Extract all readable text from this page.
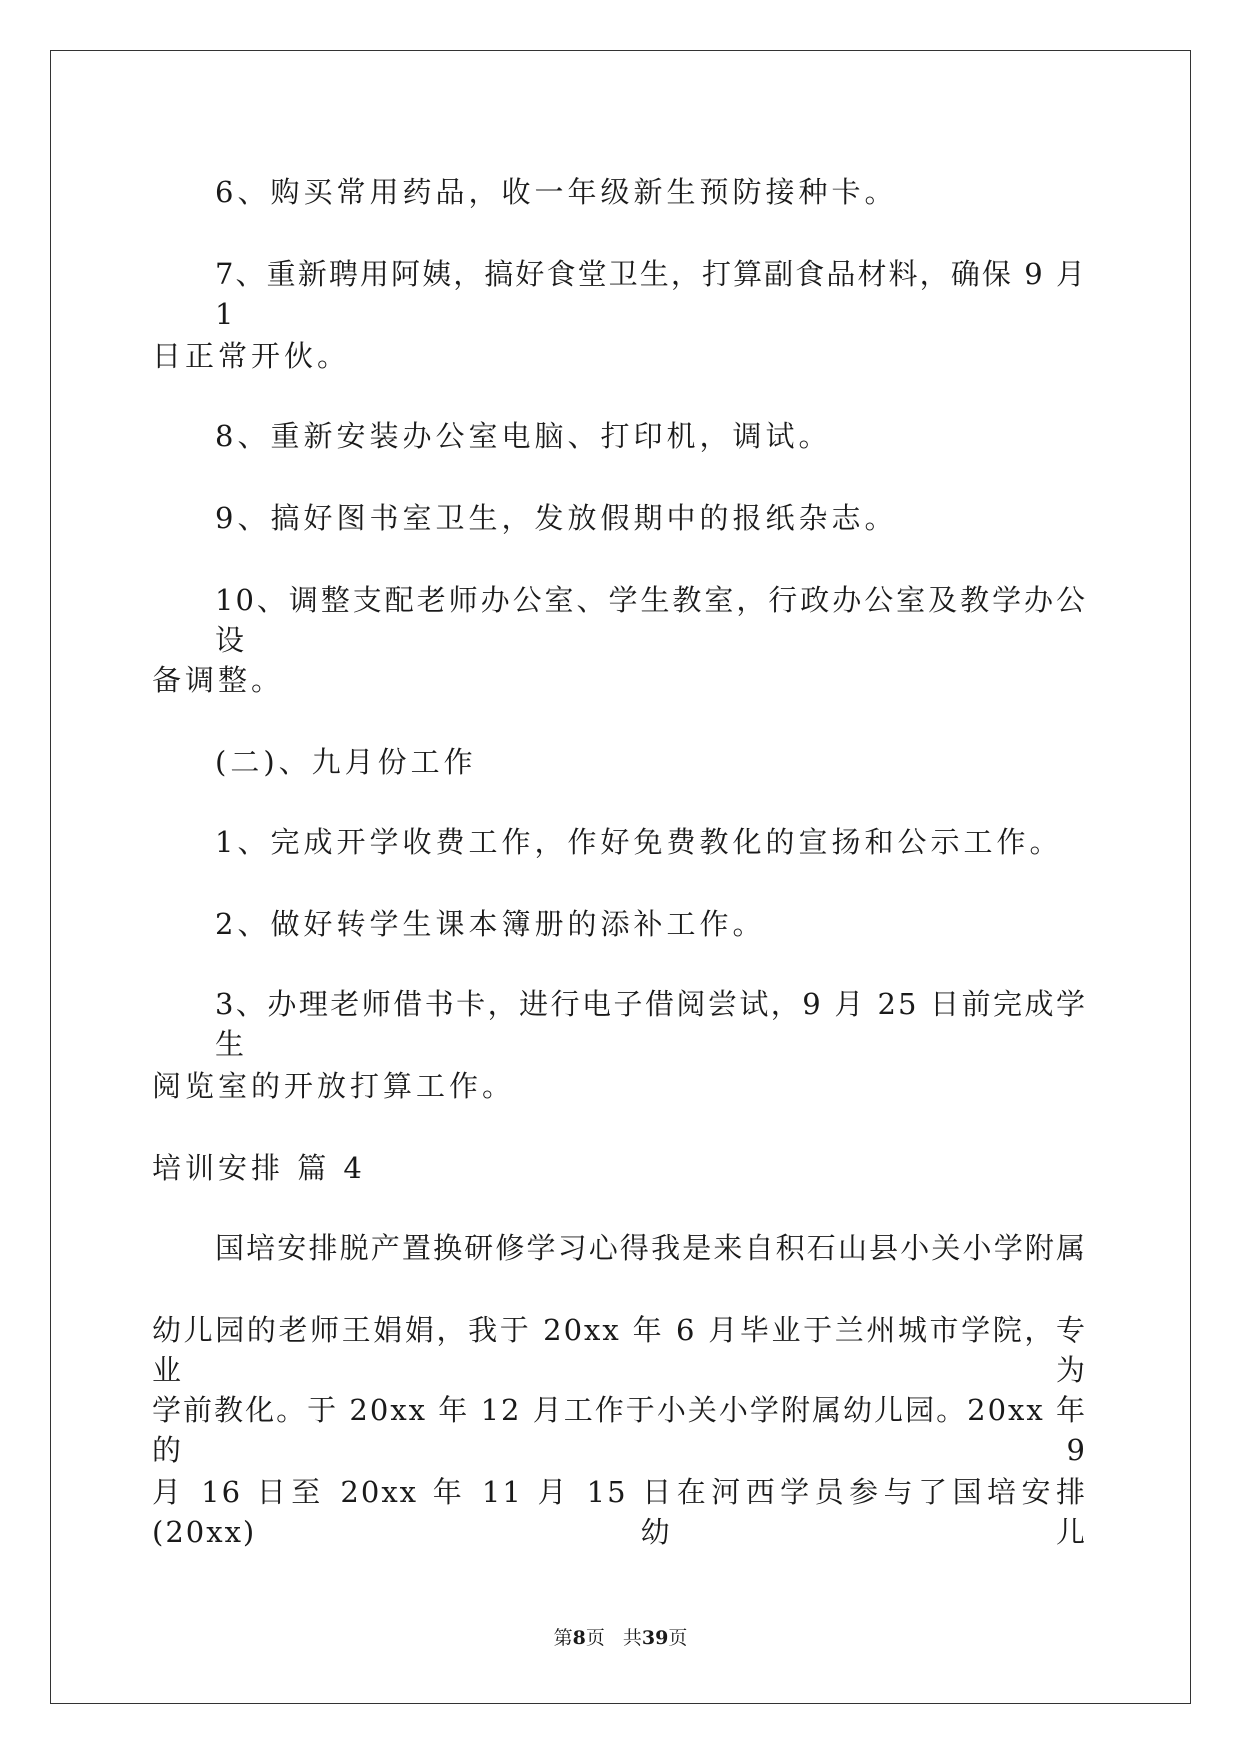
6、购买常用药品，收一年级新生预防接种卡。
7、重新聘用阿姨，搞好食堂卫生，打算副食品材料，确保 9 月 1
日正常开伙。
8、重新安装办公室电脑、打印机，调试。
9、搞好图书室卫生，发放假期中的报纸杂志。
10、调整支配老师办公室、学生教室，行政办公室及教学办公设
备调整。
(二)、九月份工作
1、完成开学收费工作，作好免费教化的宣扬和公示工作。
2、做好转学生课本簿册的添补工作。
3、办理老师借书卡，进行电子借阅尝试，9 月 25 日前完成学生
阅览室的开放打算工作。
培训安排 篇 4
国培安排脱产置换研修学习心得我是来自积石山县小关小学附属
幼儿园的老师王娟娟，我于 20xx 年 6 月毕业于兰州城市学院，专业为
学前教化。于 20xx 年 12 月工作于小关小学附属幼儿园。20xx 年的 9
月 16 日至 20xx 年 11 月 15 日在河西学员参与了国培安排(20xx)幼儿
第8页 共39页
